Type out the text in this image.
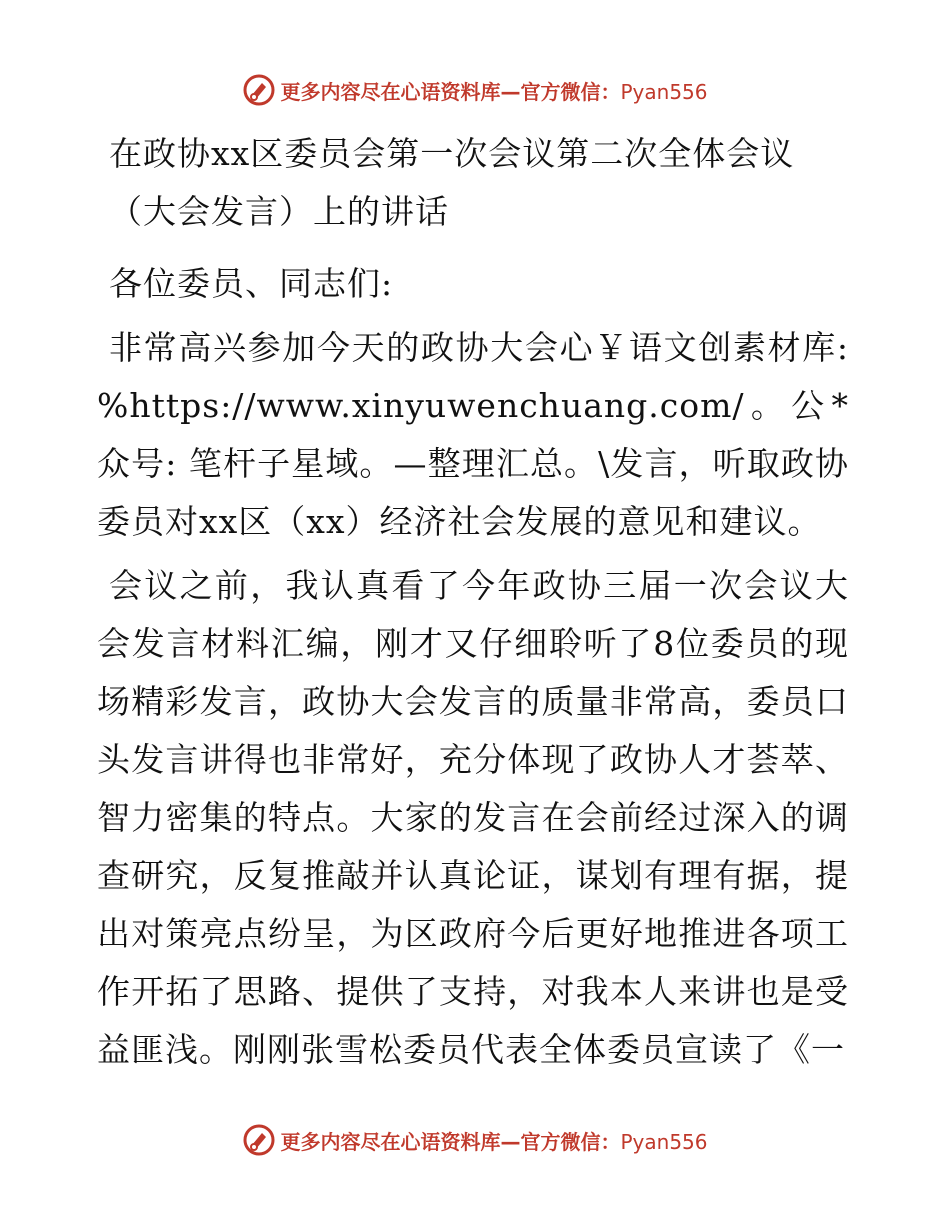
更多内容尽在心语资料库—官方微信：Pyan556
在政协xx区委员会第一次会议第二次全体会议
（大会发言）上的讲话

各位委员、同志们:

非常高兴参加今天的政协大会心￥语文创素材库: %https://www.xinyuwenchuang.com/。公*众号: 笔杆子星域。—整理汇总。\发言，听取政协委员对xx区（xx）经济社会发展的意见和建议。

会议之前，我认真看了今年政协三届一次会议大会发言材料汇编，刚才又仔细聆听了8位委员的现场精彩发言，政协大会发言的质量非常高，委员口头发言讲得也非常好，充分体现了政协人才荟萃、智力密集的特点。大家的发言在会前经过深入的调查研究，反复推敲并认真论证，谋划有理有据，提出对策亮点纷呈，为区政府今后更好地推进各项工作开拓了思路、提供了支持，对我本人来讲也是受益匪浅。刚刚张雪松委员代表全体委员宣读了《一

更多内容尽在心语资料库—官方微信：Pyan556
